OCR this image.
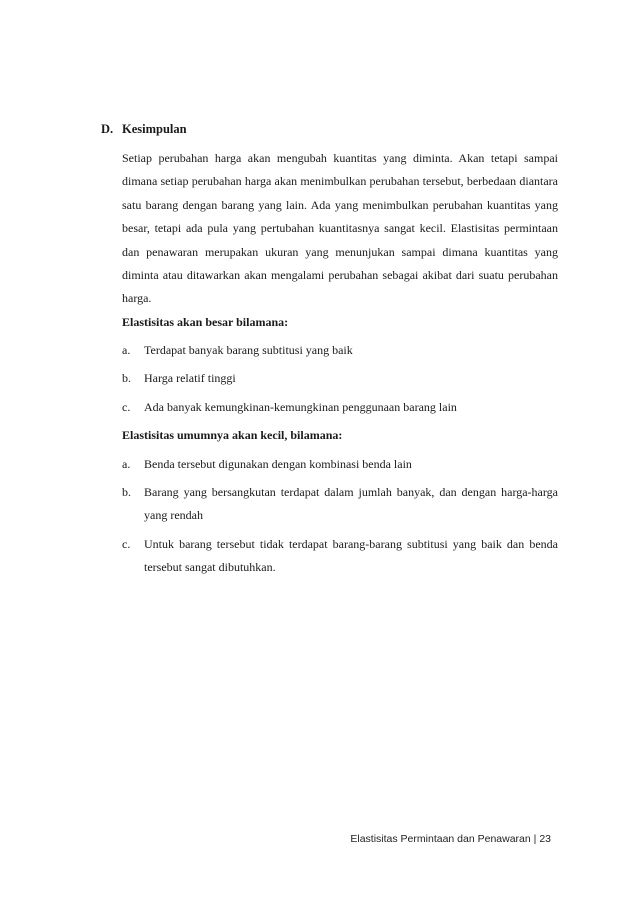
D. Kesimpulan

Setiap perubahan harga akan mengubah kuantitas yang diminta. Akan tetapi sampai dimana setiap perubahan harga akan menimbulkan perubahan tersebut, berbedaan diantara satu barang dengan barang yang lain. Ada yang menimbulkan perubahan kuantitas yang besar, tetapi ada pula yang pertubahan kuantitasnya sangat kecil. Elastisitas permintaan dan penawaran merupakan ukuran yang menunjukan sampai dimana kuantitas yang diminta atau ditawarkan akan mengalami perubahan sebagai akibat dari suatu perubahan harga.

Elastisitas akan besar bilamana:
a. Terdapat banyak barang subtitusi yang baik
b. Harga relatif tinggi
c. Ada banyak kemungkinan-kemungkinan penggunaan barang lain
Elastisitas umumnya akan kecil, bilamana:
a. Benda tersebut digunakan dengan kombinasi benda lain
b. Barang yang bersangkutan terdapat dalam jumlah banyak, dan dengan harga-harga yang rendah
c. Untuk barang tersebut tidak terdapat barang-barang subtitusi yang baik dan benda tersebut sangat dibutuhkan.
Elastisitas Permintaan dan Penawaran | 23
